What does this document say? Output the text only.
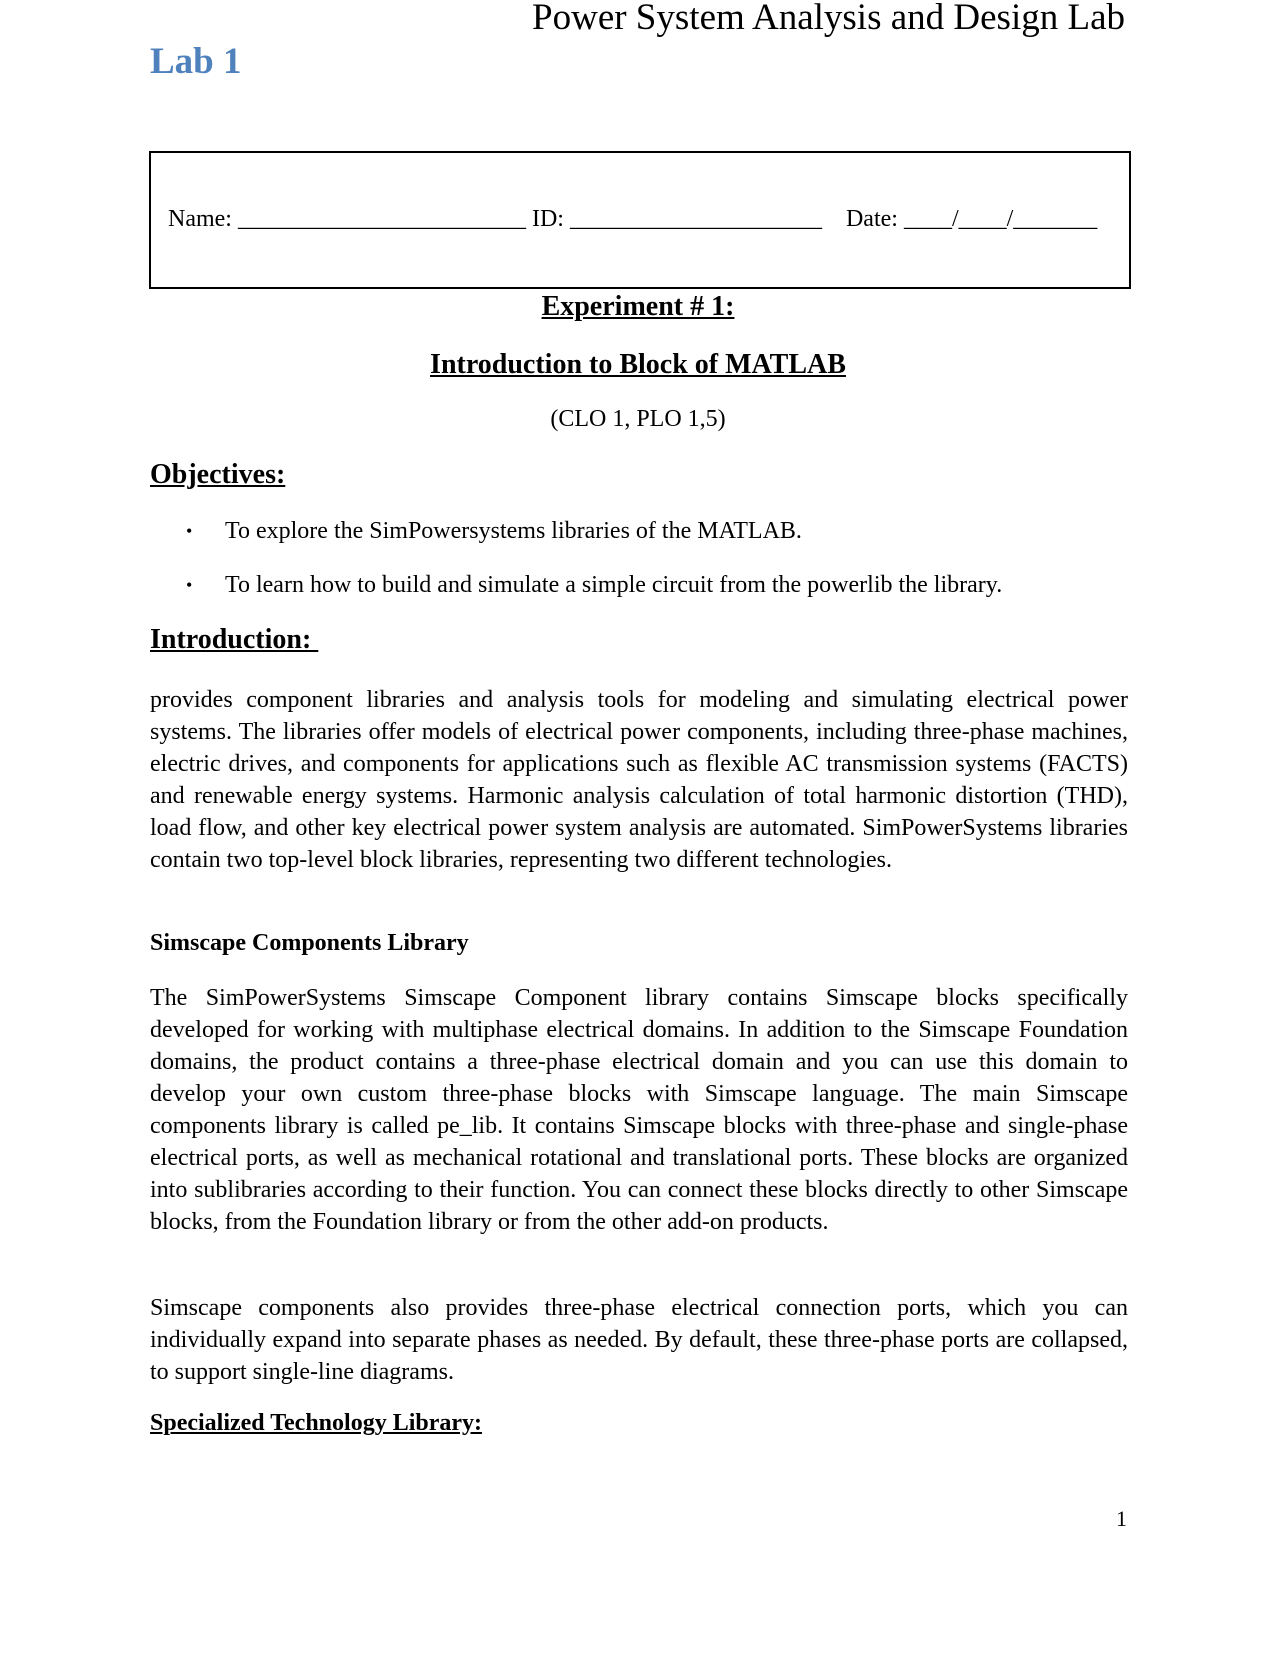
Power System Analysis and Design Lab
Lab 1
Name: ________________________ ID: _____________________    Date: ____/____/_______
Experiment # 1:
Introduction to Block of MATLAB
(CLO 1, PLO 1,5)
Objectives:
• To explore the SimPowersystems libraries of the MATLAB.
• To learn how to build and simulate a simple circuit from the powerlib the library.
Introduction:

provides component libraries and analysis tools for modeling and simulating electrical power systems. The libraries offer models of electrical power components, including three-phase machines, electric drives, and components for applications such as flexible AC transmission systems (FACTS) and renewable energy systems. Harmonic analysis calculation of total harmonic distortion (THD), load flow, and other key electrical power system analysis are automated. SimPowerSystems libraries contain two top-level block libraries, representing two different technologies.

Simscape Components Library

The SimPowerSystems Simscape Component library contains Simscape blocks specifically developed for working with multiphase electrical domains. In addition to the Simscape Foundation domains, the product contains a three-phase electrical domain and you can use this domain to develop your own custom three-phase blocks with Simscape language. The main Simscape components library is called pe_lib. It contains Simscape blocks with three-phase and single-phase electrical ports, as well as mechanical rotational and translational ports. These blocks are organized into sublibraries according to their function. You can connect these blocks directly to other Simscape blocks, from the Foundation library or from the other add-on products.

Simscape components also provides three-phase electrical connection ports, which you can individually expand into separate phases as needed. By default, these three-phase ports are collapsed, to support single-line diagrams.

Specialized Technology Library:
1
